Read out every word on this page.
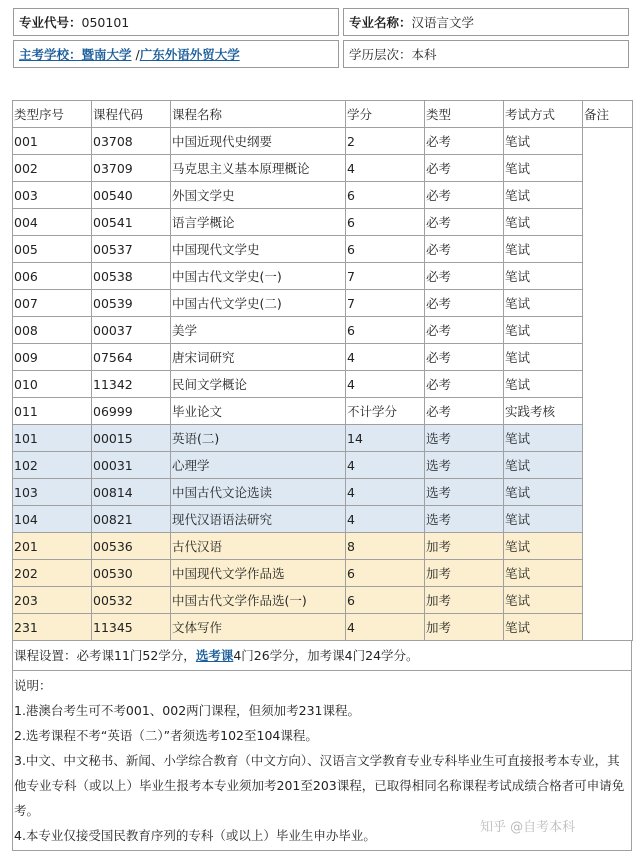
专业代号：050101		专业名称：汉语言文学

主考学校：暨南大学 /广东外语外贸大学		学历层次：本科
类型序号	课程代码	课程名称	学分	类型	考试方式	备注
001	03708	中国近现代史纲要	2	必考	笔试	
002	03709	马克思主义基本原理概论	4	必考	笔试	
003	00540	外国文学史	6	必考	笔试	
004	00541	语言学概论	6	必考	笔试	
005	00537	中国现代文学史	6	必考	笔试	
006	00538	中国古代文学史(一)	7	必考	笔试	
007	00539	中国古代文学史(二)	7	必考	笔试	
008	00037	美学	6	必考	笔试	
009	07564	唐宋词研究	4	必考	笔试	
010	11342	民间文学概论	4	必考	笔试	
011	06999	毕业论文	不计学分	必考	实践考核	
101	00015	英语(二)	14	选考	笔试	
102	00031	心理学	4	选考	笔试	
103	00814	中国古代文论选读	4	选考	笔试	
104	00821	现代汉语语法研究	4	选考	笔试	
201	00536	古代汉语	8	加考	笔试	
202	00530	中国现代文学作品选	6	加考	笔试	
203	00532	中国古代文学作品选(一)	6	加考	笔试	
231	11345	文体写作	4	加考	笔试	
课程设置：必考课11门52学分，选考课4门26学分，加考课4门24学分。

说明：

1.港澳台考生可不考001、002两门课程，但须加考231课程。

2.选考课程不考“英语（二）”者须选考102至104课程。

3.中文、中文秘书、新闻、小学综合教育（中文方向）、汉语言文学教育专业专科毕业生可直接报考本专业，其他专业专科（或以上）毕业生报考本专业须加考201至203课程，已取得相同名称课程考试成绩合格者可申请免考。

4.本专业仅接受国民教育序列的专科（或以上）毕业生申办毕业。

知乎 @自考本科
